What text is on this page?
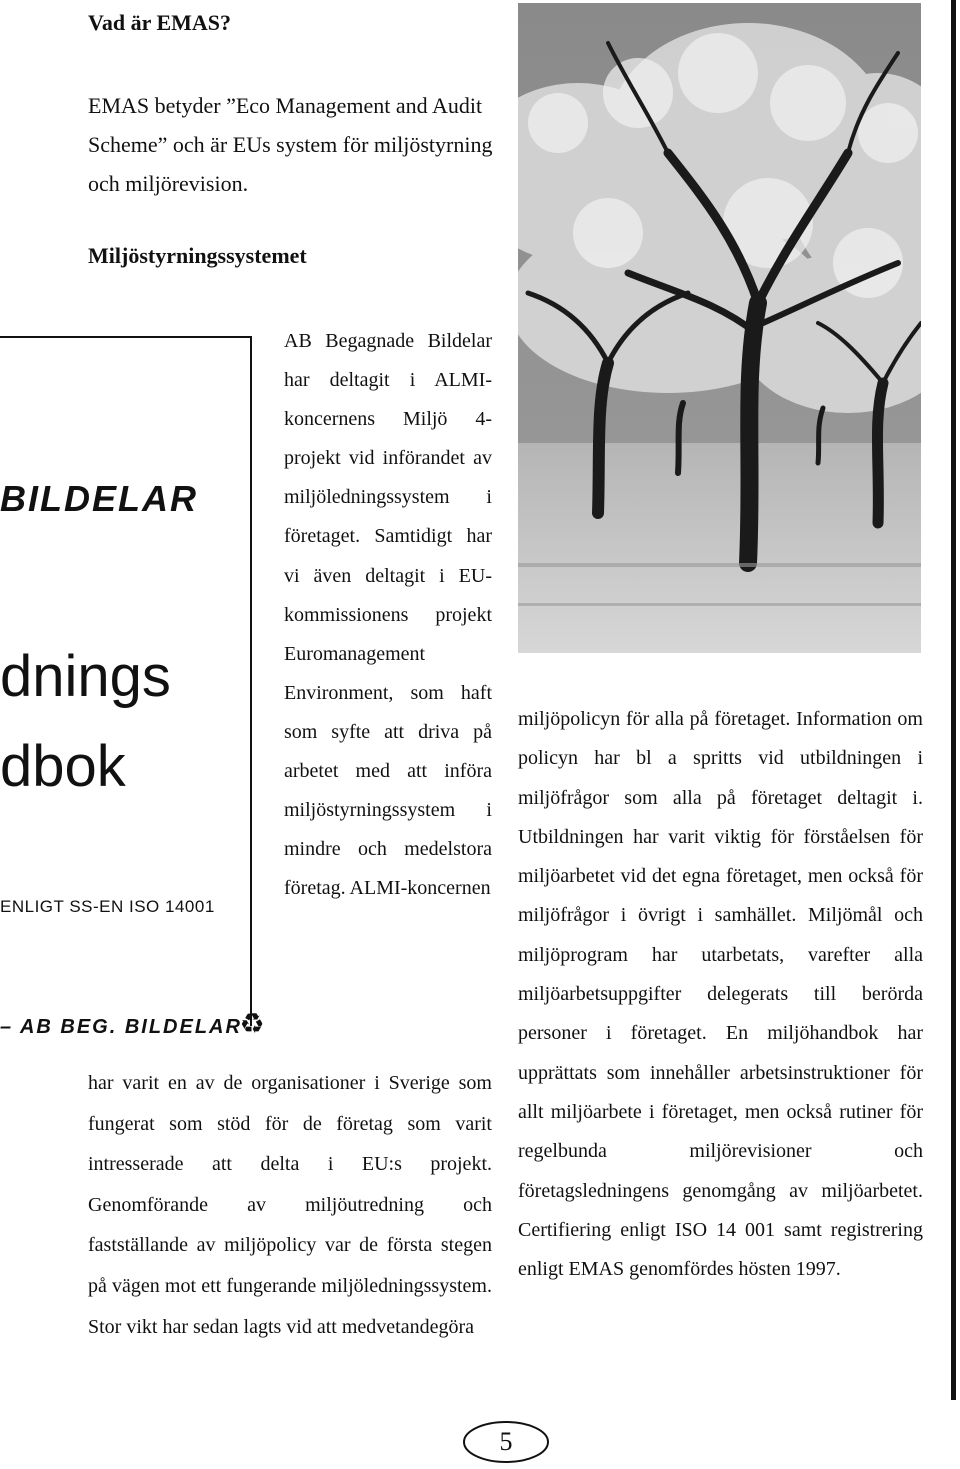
Vad är EMAS?

EMAS betyder ”Eco Management and Audit Scheme” och är EUs system för miljöstyrning och miljörevision.

Miljöstyrningssystemet
BILDELAR
dnings
dbok
ENLIGT SS-EN ISO 14001
– AB BEG. BILDELAR
♻

AB Begagnade Bildelar har deltagit i ALMI-koncernens Miljö 4-projekt vid införandet av miljöledningssystem i företaget. Samtidigt har vi även deltagit i EU-kommissionens projekt Euromanagement Environment, som haft som syfte att driva på arbetet med att införa miljöstyrningssystem i mindre och medelstora företag. ALMI-koncernen

har varit en av de organisationer i Sverige som fungerat som stöd för de företag som varit intresserade att delta i EU:s projekt. Genomförande av miljöutredning och fastställande av miljöpolicy var de första stegen på vägen mot ett fungerande miljöledningssystem. Stor vikt har sedan lagts vid att medvetandegöra

miljöpolicyn för alla på företaget. Information om policyn har bl a spritts vid utbildningen i miljöfrågor som alla på företaget deltagit i. Utbildningen har varit viktig för förståelsen för miljöarbetet vid det egna företaget, men också för miljöfrågor i övrigt i samhället. Miljömål och miljöprogram har utarbetats, varefter alla miljöarbetsuppgifter delegerats till berörda personer i företaget. En miljöhandbok har upprättats som innehåller arbetsinstruktioner för allt miljöarbete i företaget, men också rutiner för regelbunda miljörevisioner och företagsledningens genomgång av miljöarbetet. Certifiering enligt ISO 14 001 samt registrering enligt EMAS genomfördes hösten 1997.

5
